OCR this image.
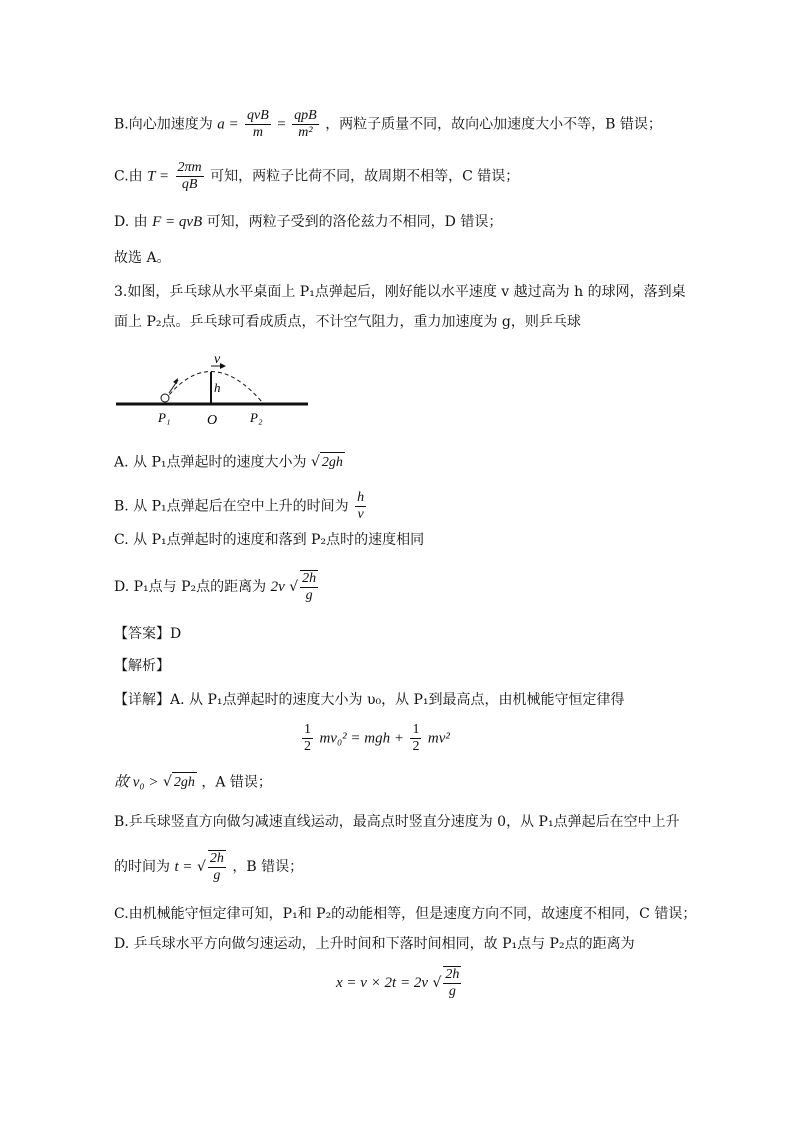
B.向心加速度为 $a = \frac{\text{qvB}}{m} = \frac{\text{qpB}}{\text{m²}}$ ，两粒子质量不同，故向心加速度大小不等，B 错误；
C.由 $T = \frac{2\pi m}{qB}$ 可知，两粒子比荷不同，故周期不相等，C 错误；
D. 由 F = qvB 可知，两粒子受到的洛伦兹力不相同，D 错误；
故选 A。
3.如图，乒乓球从水平桌面上 P₁点弹起后，刚好能以水平速度 v 越过高为 h 的球网，落到桌
面上 P₂点。乒乓球可看成质点，不计空气阻力，重力加速度为 g，则乒乓球
v
h
P₁	O	P₂
A. 从 P₁点弹起时的速度大小为 √ 2gh
B. 从 P₁点弹起后在空中上升的时间为 $\frac{h}{v}$
C. 从 P₁点弹起时的速度和落到 P₂点时的速度相同
D. P₁点与 P₂点的距离为 2v √ $\frac{2h}{g}$
【答案】D
【解析】
【详解】A. 从 P₁点弹起时的速度大小为 υ₀，从 P₁到最高点，由机械能守恒定律得
$\frac{1}{2} mv_0^2$ = mgh + $\frac{1}{2} mv^2$
故 v₀ > √ 2gh ，A 错误；
B.乒乓球竖直方向做匀减速直线运动，最高点时竖直分速度为 0，从 P₁点弹起后在空中上升
的时间为 t = √ $\frac{2h}{g}$ ，B 错误；
C.由机械能守恒定律可知，P₁和 P₂的动能相等，但是速度方向不同，故速度不相同，C 错误；
D. 乒乓球水平方向做匀速运动，上升时间和下落时间相同，故 P₁点与 P₂点的距离为
x = v × 2t = 2v √ $\frac{2h}{g}$
